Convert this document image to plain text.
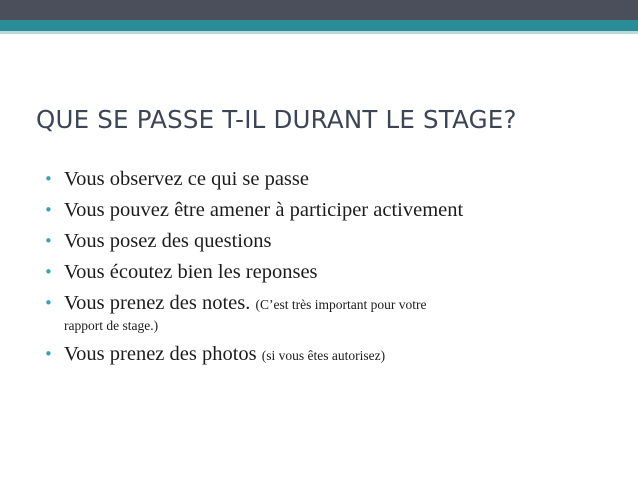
QUE SE PASSE T-IL DURANT LE STAGE?
• Vous observez ce qui se passe
• Vous pouvez être amener à participer activement
• Vous posez des questions
• Vous écoutez bien les reponses
• Vous prenez des notes. (C’est très important pour votre
rapport de stage.)
• Vous prenez des photos (si vous êtes autorisez)
